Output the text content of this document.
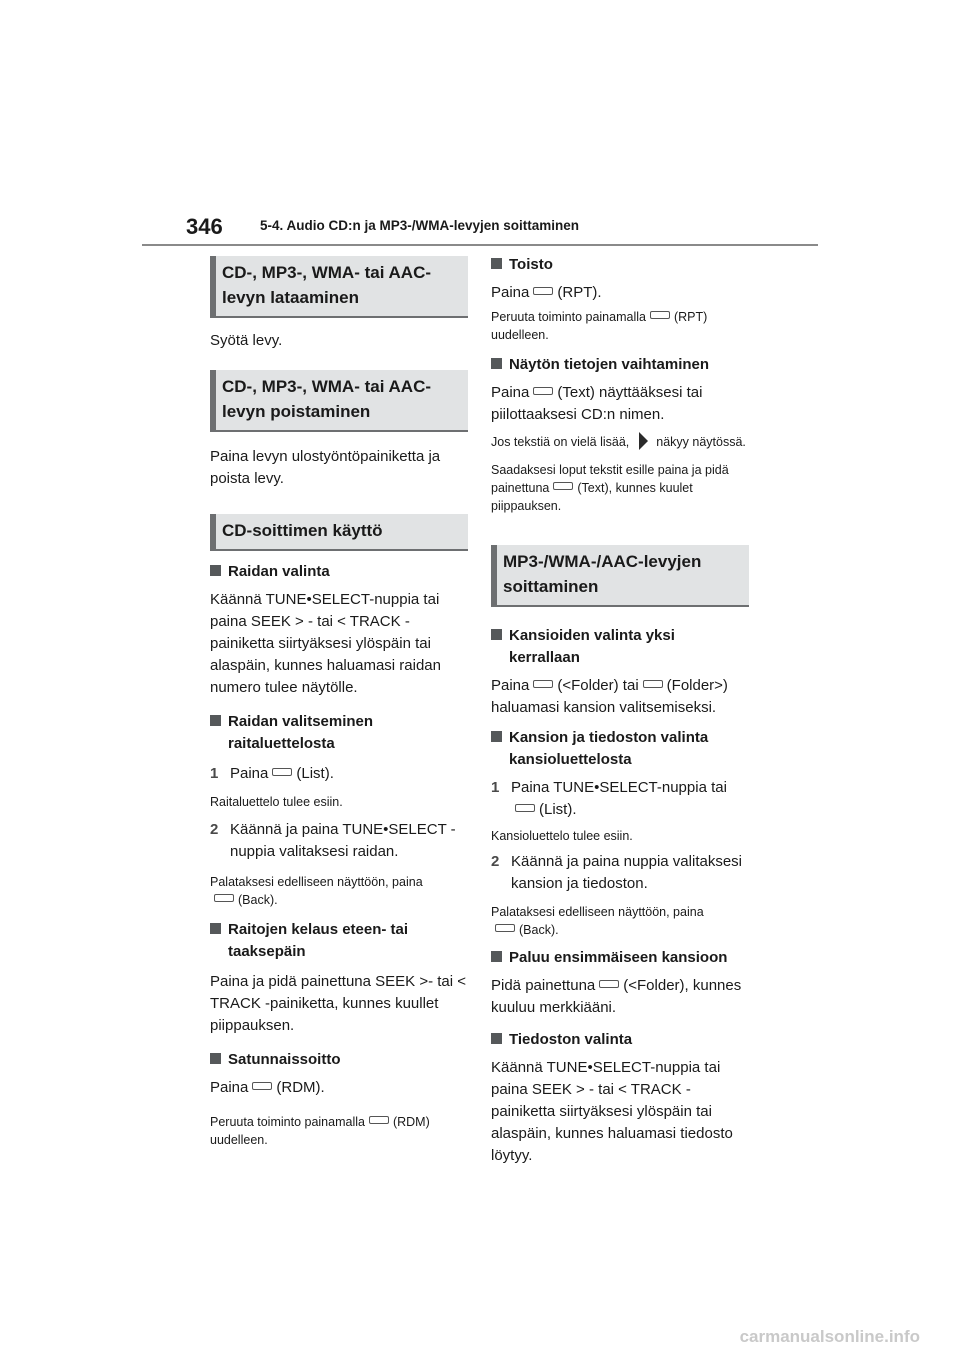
346	5-4. Audio CD:n ja MP3-/WMA-levyjen soittaminen
CD-, MP3-, WMA- tai AAC-levyn lataaminen

Syötä levy.

CD-, MP3-, WMA- tai AAC-levyn poistaminen

Paina levyn ulostyöntöpainiketta ja poista levy.

CD-soittimen käyttö

Raidan valinta

Käännä TUNE•SELECT-nuppia tai paina SEEK > - tai < TRACK -painiketta siirtyäksesi ylöspäin tai alaspäin, kunnes haluamasi raidan numero tulee näytölle.

Raidan valitseminen raitaluettelosta

1 Paina (List).

Raitaluettelo tulee esiin.

2 Käännä ja paina TUNE•SELECT -nuppia valitaksesi raidan.

Palataksesi edelliseen näyttöön, paina
(Back).

Raitojen kelaus eteen- tai taaksepäin

Paina ja pidä painettuna SEEK >- tai < TRACK -painiketta, kunnes kuullet piippauksen.

Satunnaissoitto

Paina (RDM).

Peruuta toiminto painamalla (RDM) uudelleen.

Toisto

Paina (RPT).

Peruuta toiminto painamalla (RPT) uudelleen.

Näytön tietojen vaihtaminen

Paina (Text) näyttääksesi tai piilottaaksesi CD:n nimen.

Jos tekstiä on vielä lisää, näkyy näytössä.

Saadaksesi loput tekstit esille paina ja pidä painettuna (Text), kunnes kuulet piippauksen.

MP3-/WMA-/AAC-levyjen soittaminen

Kansioiden valinta yksi kerrallaan

Paina (<Folder) tai (Folder>) haluamasi kansion valitsemiseksi.

Kansion ja tiedoston valinta kansioluettelosta

1 Paina TUNE•SELECT-nuppia tai
(List).

Kansioluettelo tulee esiin.

2 Käännä ja paina nuppia valitaksesi kansion ja tiedoston.

Palataksesi edelliseen näyttöön, paina
(Back).

Paluu ensimmäiseen kansioon

Pidä painettuna (<Folder), kunnes kuuluu merkkiääni.

Tiedoston valinta

Käännä TUNE•SELECT-nuppia tai paina SEEK > - tai < TRACK -painiketta siirtyäksesi ylöspäin tai alaspäin, kunnes haluamasi tiedosto löytyy.

carmanualsonline.info
